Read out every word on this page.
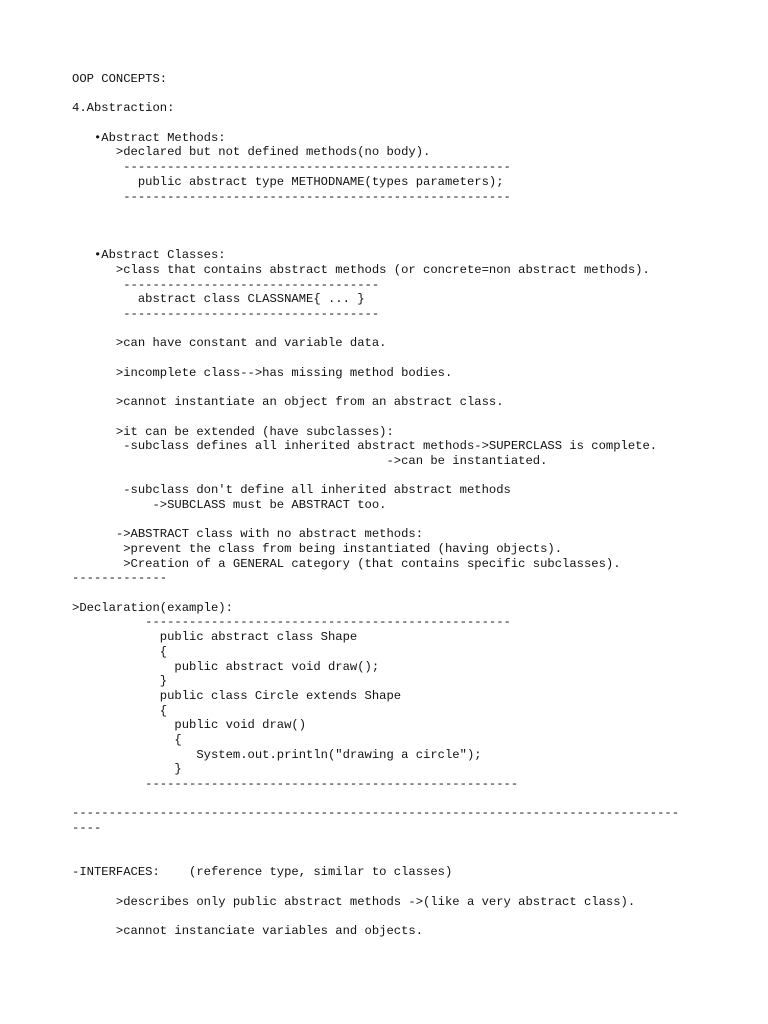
OOP CONCEPTS:
4.Abstraction:
•Abstract Methods:
>declared but not defined methods(no body).
-----------------------------------------------------
public abstract type METHODNAME(types parameters);
-----------------------------------------------------
•Abstract Classes:
>class that contains abstract methods (or concrete=non abstract methods).
-----------------------------------
abstract class CLASSNAME{ ... }
-----------------------------------
>can have constant and variable data.
>incomplete class-->has missing method bodies.
>cannot instantiate an object from an abstract class.
>it can be extended (have subclasses):
-subclass defines all inherited abstract methods->SUPERCLASS is complete.
->can be instantiated.
-subclass don't define all inherited abstract methods
->SUBCLASS must be ABSTRACT too.
->ABSTRACT class with no abstract methods:
>prevent the class from being instantiated (having objects).
>Creation of a GENERAL category (that contains specific subclasses).
-------------
>Declaration(example):
--------------------------------------------------
public abstract class Shape
{
public abstract void draw();
}
public class Circle extends Shape
{
public void draw()
{
System.out.println("drawing a circle");
}
---------------------------------------------------
-----------------------------------------------------------------------------------
----
-INTERFACES:    (reference type, similar to classes)
>describes only public abstract methods ->(like a very abstract class).
>cannot instanciate variables and objects.
